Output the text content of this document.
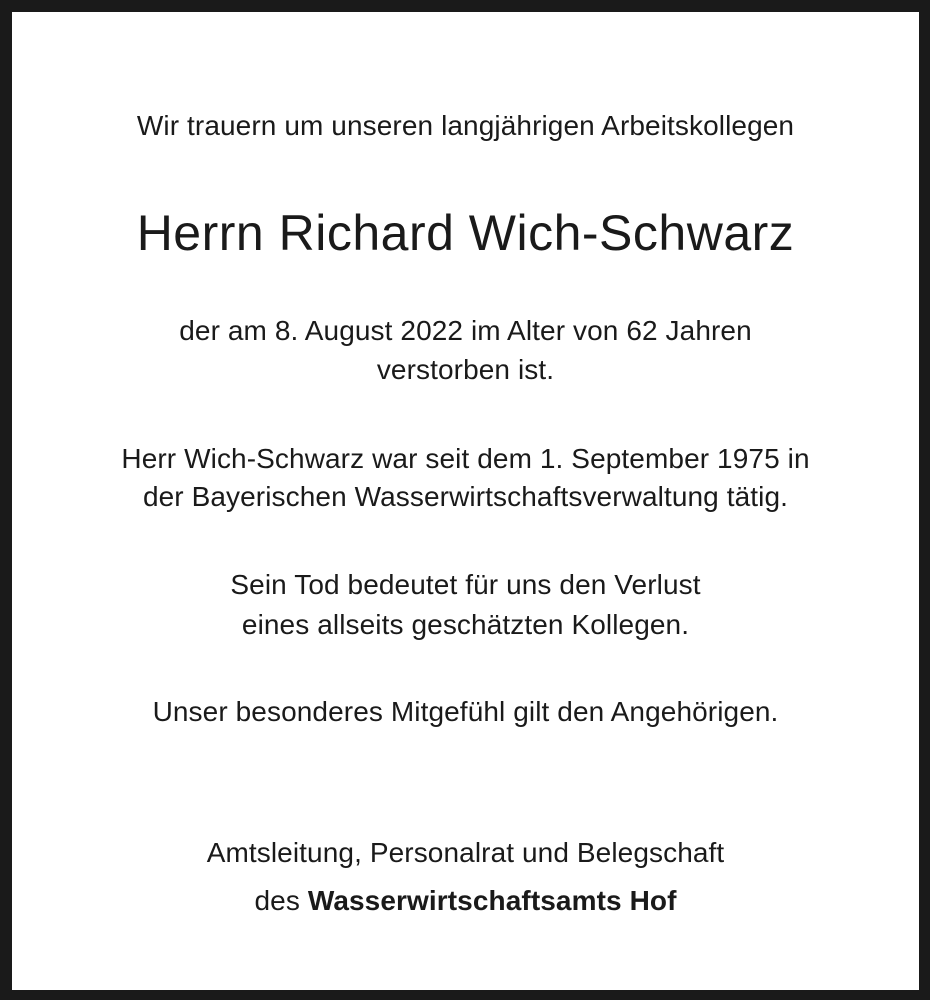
Wir trauern um unseren langjährigen Arbeitskollegen
Herrn Richard Wich-Schwarz
der am 8. August 2022 im Alter von 62 Jahren
verstorben ist.
Herr Wich-Schwarz war seit dem 1. September 1975 in
der Bayerischen Wasserwirtschaftsverwaltung tätig.
Sein Tod bedeutet für uns den Verlust
eines allseits geschätzten Kollegen.
Unser besonderes Mitgefühl gilt den Angehörigen.
Amtsleitung, Personalrat und Belegschaft
des Wasserwirtschaftsamts Hof
